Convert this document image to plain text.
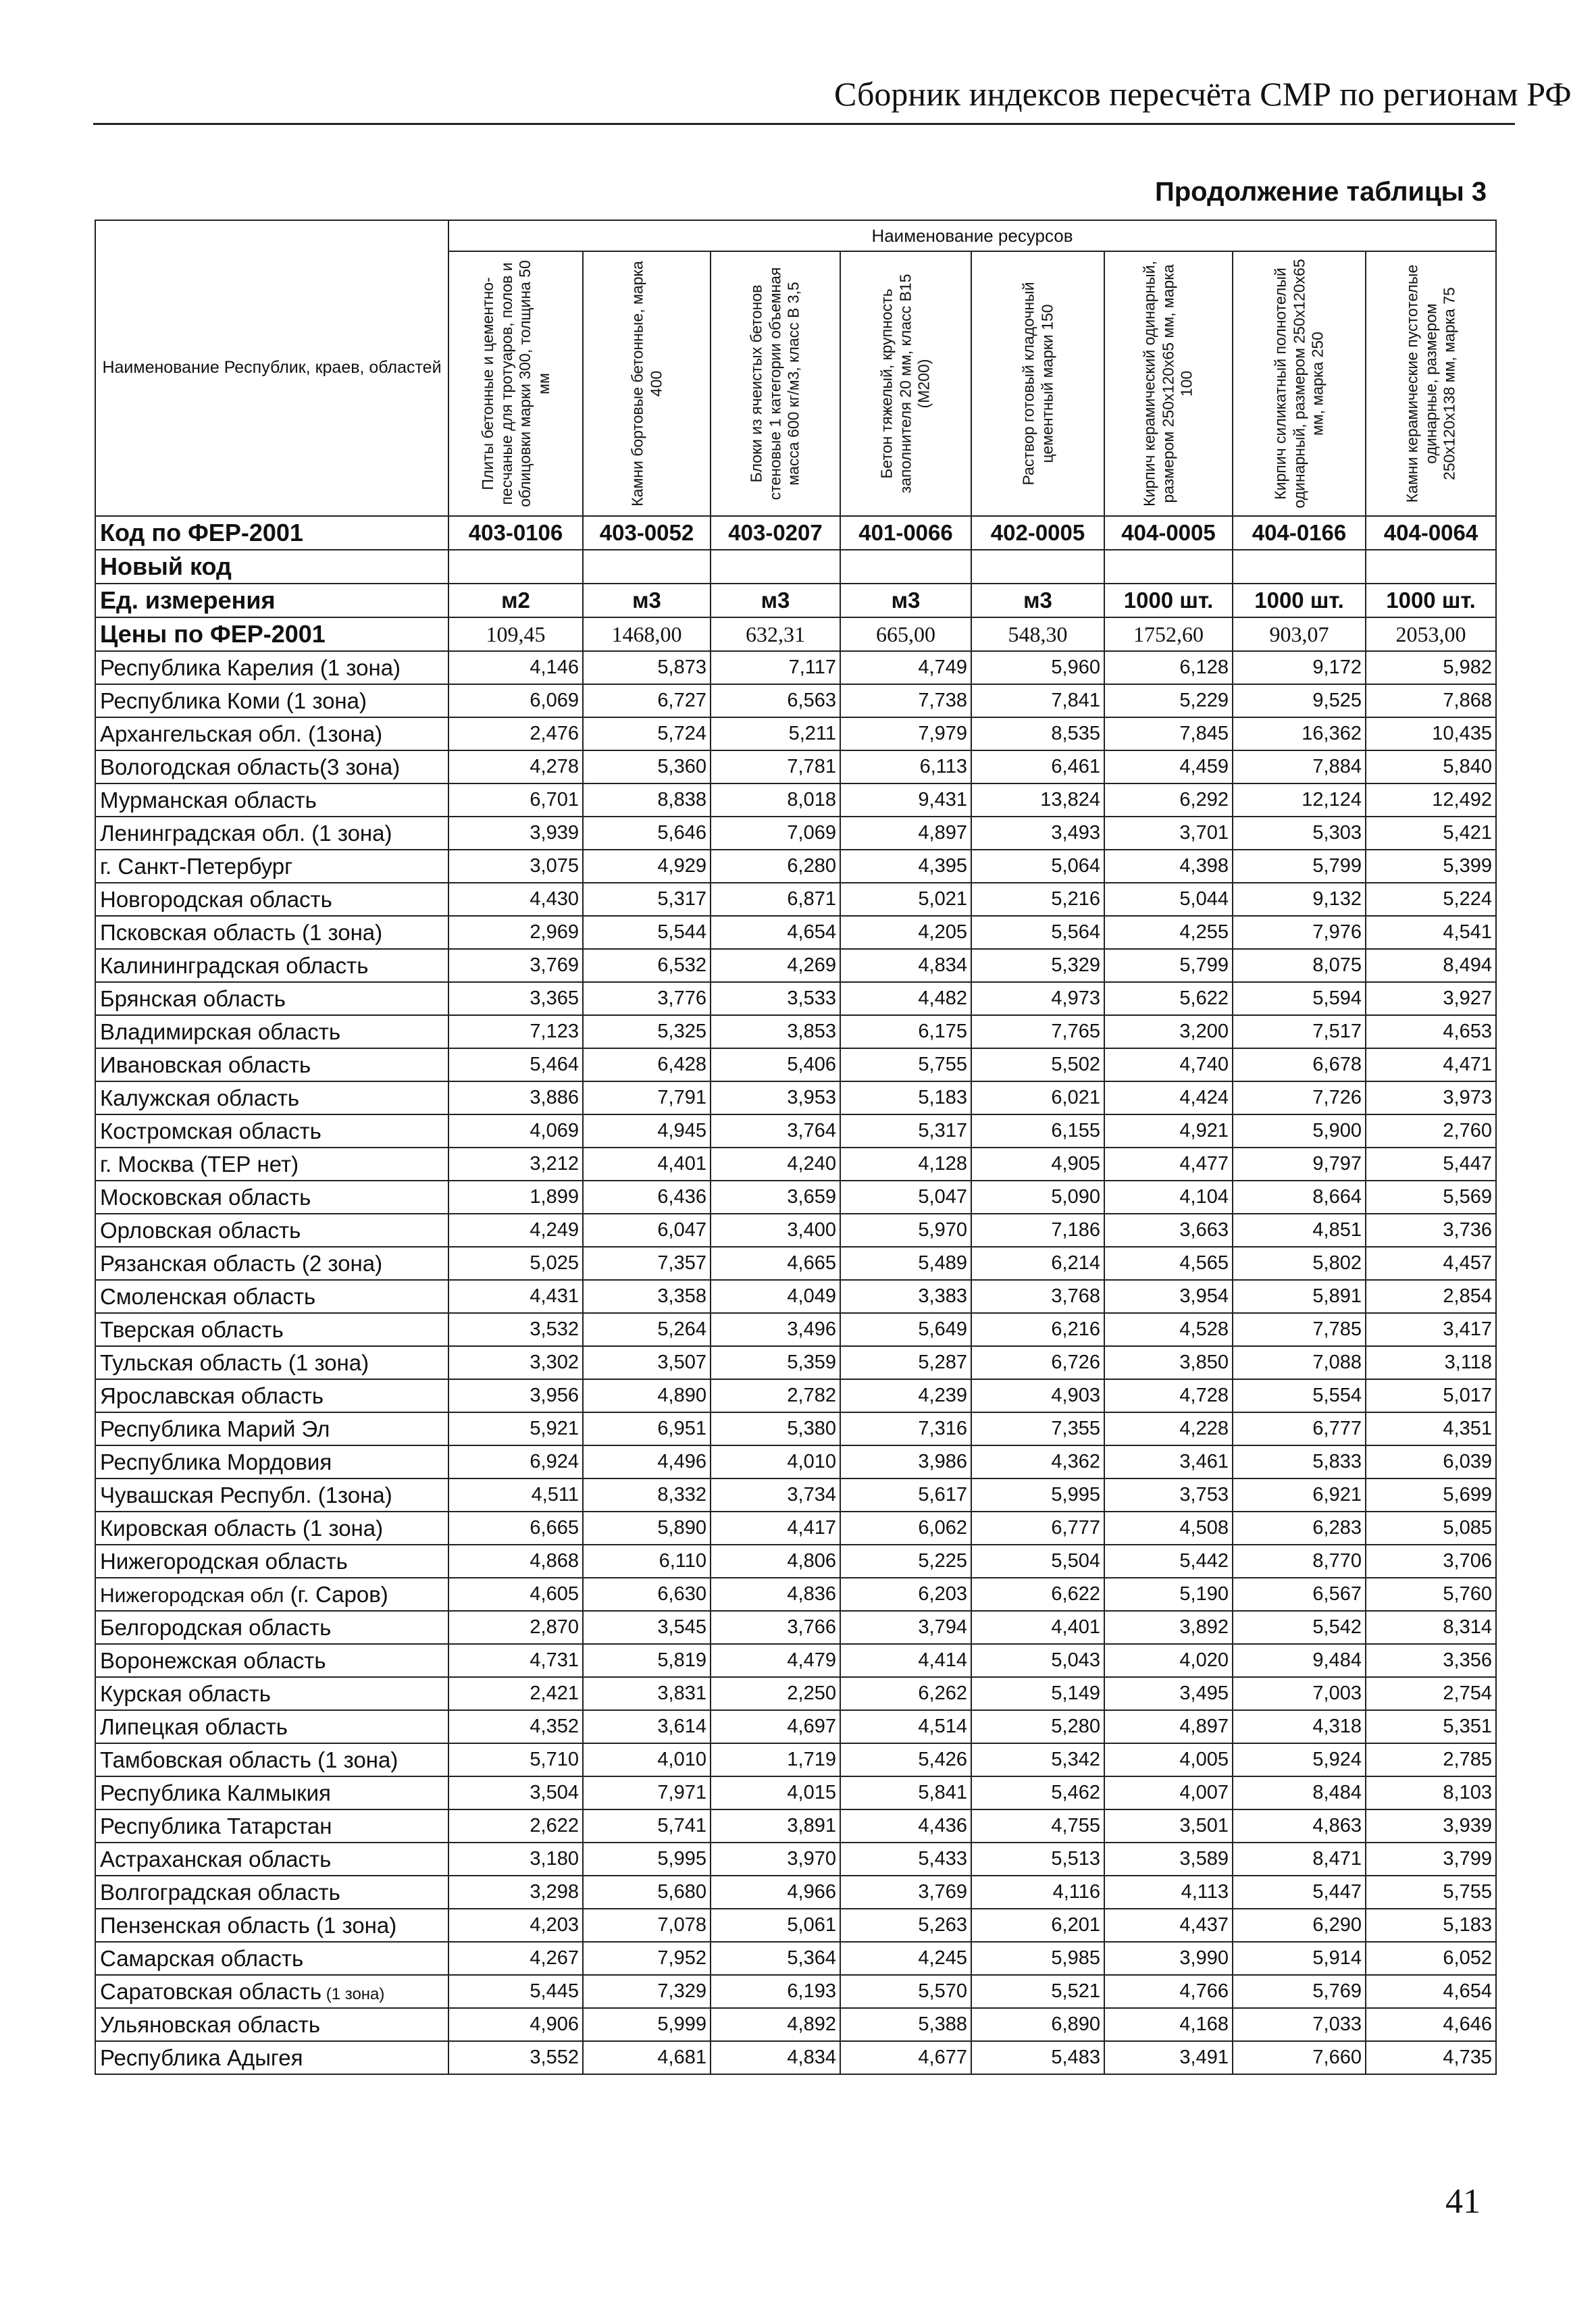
Сборник индексов пересчёта СМР по регионам РФ
Продолжение таблицы 3
Наименование Республик, краев, областей	Наименование ресурсов							

	Плиты бетонные и цементно-песчаные для тротуаров, полов и облицовки марки 300, толщина 50 мм	Камни бортовые бетонные, марка 400	Блоки из ячеистых бетонов стеновые 1 категории объемная масса 600 кг/м3, класс В 3,5	Бетон тяжелый, крупность заполнителя 20 мм, класс В15 (М200)	Раствор готовый кладочный цементный марки 150	Кирпич керамический одинарный, размером 250х120х65 мм, марка 100	Кирпич силикатный полнотелый одинарный, размером 250х120х65 мм, марка 250	Камни керамические пустотелые одинарные, размером 250х120х138 мм, марка 75

Код по ФЕР-2001	403-0106	403-0052	403-0207	401-0066	402-0005	404-0005	404-0166	404-0064
Новый код								
Ед. измерения	м2	м3	м3	м3	м3	1000 шт.	1000 шт.	1000 шт.
Цены по ФЕР-2001	109,45	1468,00	632,31	665,00	548,30	1752,60	903,07	2053,00
Республика Карелия (1 зона)	4,146	5,873	7,117	4,749	5,960	6,128	9,172	5,982
Республика Коми (1 зона)	6,069	6,727	6,563	7,738	7,841	5,229	9,525	7,868
Архангельская обл. (1зона)	2,476	5,724	5,211	7,979	8,535	7,845	16,362	10,435
Вологодская область(3 зона)	4,278	5,360	7,781	6,113	6,461	4,459	7,884	5,840
Мурманская область	6,701	8,838	8,018	9,431	13,824	6,292	12,124	12,492
Ленинградская обл. (1 зона)	3,939	5,646	7,069	4,897	3,493	3,701	5,303	5,421
г. Санкт-Петербург	3,075	4,929	6,280	4,395	5,064	4,398	5,799	5,399
Новгородская область	4,430	5,317	6,871	5,021	5,216	5,044	9,132	5,224
Псковская область (1 зона)	2,969	5,544	4,654	4,205	5,564	4,255	7,976	4,541
Калининградская область	3,769	6,532	4,269	4,834	5,329	5,799	8,075	8,494
Брянская область	3,365	3,776	3,533	4,482	4,973	5,622	5,594	3,927
Владимирская область	7,123	5,325	3,853	6,175	7,765	3,200	7,517	4,653
Ивановская область	5,464	6,428	5,406	5,755	5,502	4,740	6,678	4,471
Калужская область	3,886	7,791	3,953	5,183	6,021	4,424	7,726	3,973
Костромская область	4,069	4,945	3,764	5,317	6,155	4,921	5,900	2,760
г. Москва (ТЕР нет)	3,212	4,401	4,240	4,128	4,905	4,477	9,797	5,447
Московская область	1,899	6,436	3,659	5,047	5,090	4,104	8,664	5,569
Орловская область	4,249	6,047	3,400	5,970	7,186	3,663	4,851	3,736
Рязанская область (2 зона)	5,025	7,357	4,665	5,489	6,214	4,565	5,802	4,457
Смоленская область	4,431	3,358	4,049	3,383	3,768	3,954	5,891	2,854
Тверская область	3,532	5,264	3,496	5,649	6,216	4,528	7,785	3,417
Тульская область (1 зона)	3,302	3,507	5,359	5,287	6,726	3,850	7,088	3,118
Ярославская область	3,956	4,890	2,782	4,239	4,903	4,728	5,554	5,017
Республика Марий Эл	5,921	6,951	5,380	7,316	7,355	4,228	6,777	4,351
Республика Мордовия	6,924	4,496	4,010	3,986	4,362	3,461	5,833	6,039
Чувашская Республ. (1зона)	4,511	8,332	3,734	5,617	5,995	3,753	6,921	5,699
Кировская область (1 зона)	6,665	5,890	4,417	6,062	6,777	4,508	6,283	5,085
Нижегородская область	4,868	6,110	4,806	5,225	5,504	5,442	8,770	3,706
Нижегородская обл (г. Саров)	4,605	6,630	4,836	6,203	6,622	5,190	6,567	5,760
Белгородская область	2,870	3,545	3,766	3,794	4,401	3,892	5,542	8,314
Воронежская область	4,731	5,819	4,479	4,414	5,043	4,020	9,484	3,356
Курская область	2,421	3,831	2,250	6,262	5,149	3,495	7,003	2,754
Липецкая область	4,352	3,614	4,697	4,514	5,280	4,897	4,318	5,351
Тамбовская область (1 зона)	5,710	4,010	1,719	5,426	5,342	4,005	5,924	2,785
Республика Калмыкия	3,504	7,971	4,015	5,841	5,462	4,007	8,484	8,103
Республика Татарстан	2,622	5,741	3,891	4,436	4,755	3,501	4,863	3,939
Астраханская область	3,180	5,995	3,970	5,433	5,513	3,589	8,471	3,799
Волгоградская область	3,298	5,680	4,966	3,769	4,116	4,113	5,447	5,755
Пензенская область (1 зона)	4,203	7,078	5,061	5,263	6,201	4,437	6,290	5,183
Самарская область	4,267	7,952	5,364	4,245	5,985	3,990	5,914	6,052
Саратовская область (1 зона)	5,445	7,329	6,193	5,570	5,521	4,766	5,769	4,654
Ульяновская область	4,906	5,999	4,892	5,388	6,890	4,168	7,033	4,646
Республика Адыгея	3,552	4,681	4,834	4,677	5,483	3,491	7,660	4,735
41
